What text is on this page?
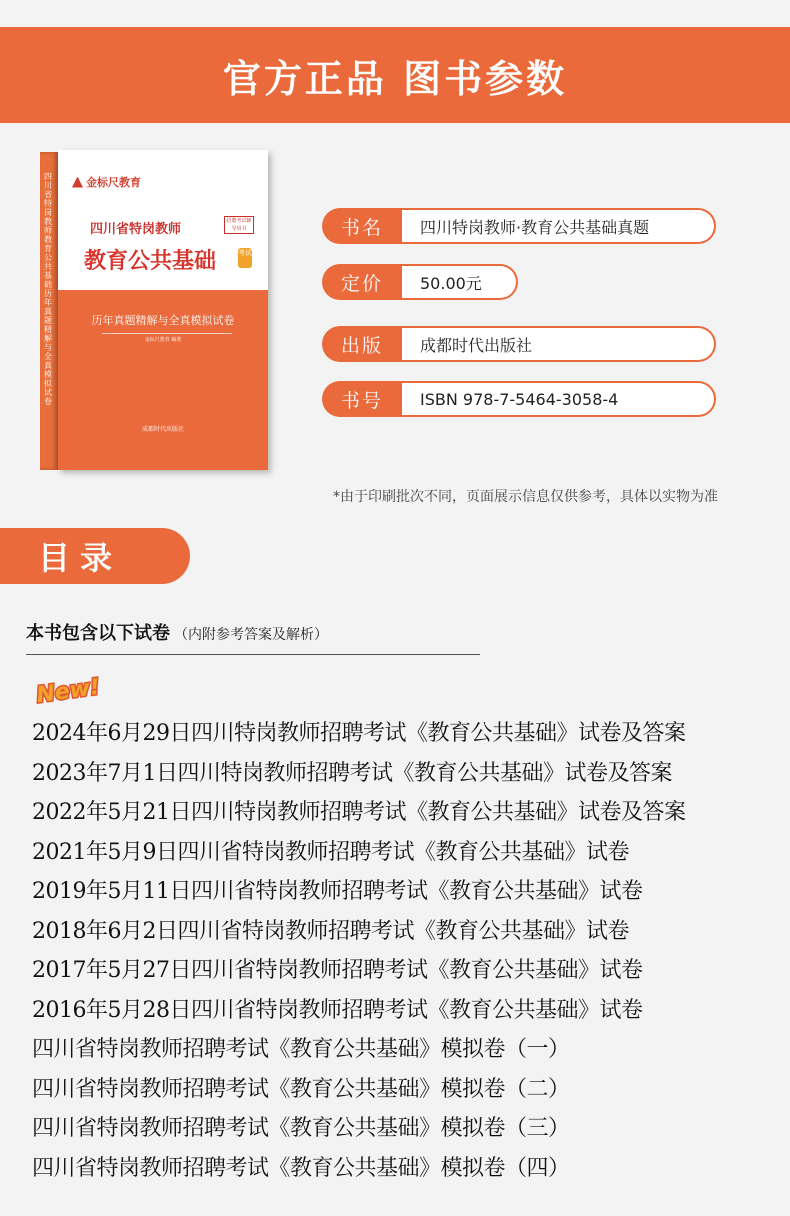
官方正品 图书参数
四川省特岗教师 教育公共基础 历年真题精解与全真模拟试卷
金标尺教育
四川省特岗教师
招聘考试辅导用书
教育公共基础	考试
历年真题精解与全真模拟试卷
金标尺教育 编著
成都时代出版社
书名	四川特岗教师·教育公共基础真题
定价	50.00元
出版	成都时代出版社
书号	ISBN 978-7-5464-3058-4
*由于印刷批次不同，页面展示信息仅供参考，具体以实物为准
目录
本书包含以下试卷 （内附参考答案及解析）
New!
2024年6月29日四川特岗教师招聘考试《教育公共基础》试卷及答案
2023年7月1日四川特岗教师招聘考试《教育公共基础》试卷及答案
2022年5月21日四川特岗教师招聘考试《教育公共基础》试卷及答案
2021年5月9日四川省特岗教师招聘考试《教育公共基础》试卷
2019年5月11日四川省特岗教师招聘考试《教育公共基础》试卷
2018年6月2日四川省特岗教师招聘考试《教育公共基础》试卷
2017年5月27日四川省特岗教师招聘考试《教育公共基础》试卷
2016年5月28日四川省特岗教师招聘考试《教育公共基础》试卷
四川省特岗教师招聘考试《教育公共基础》模拟卷（一）
四川省特岗教师招聘考试《教育公共基础》模拟卷（二）
四川省特岗教师招聘考试《教育公共基础》模拟卷（三）
四川省特岗教师招聘考试《教育公共基础》模拟卷（四）
